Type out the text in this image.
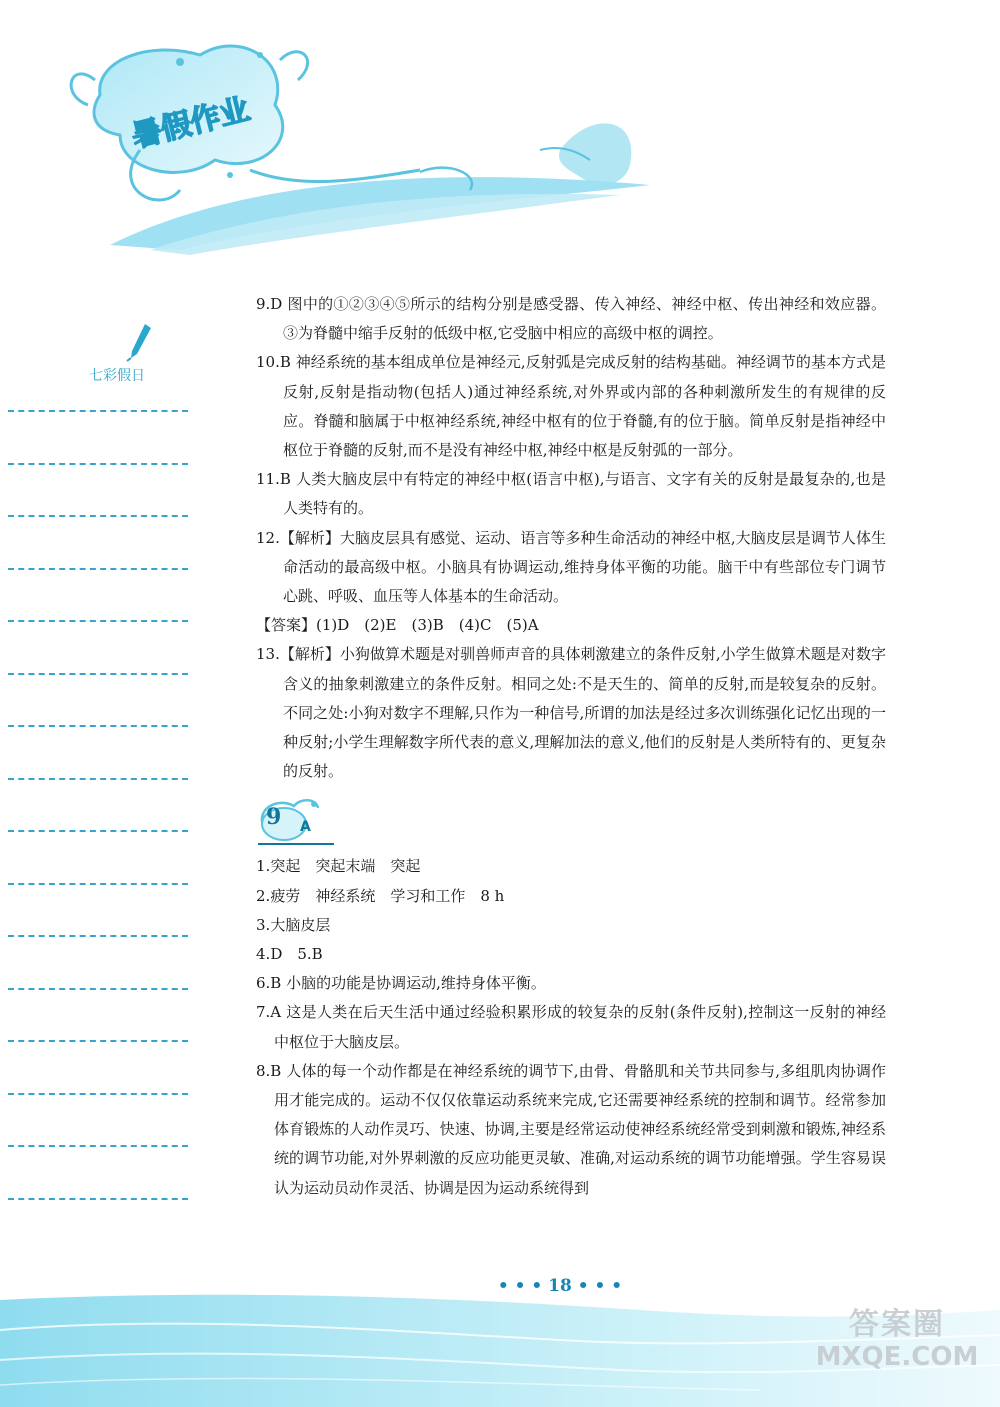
暑假作业
七彩假日
9.D 图中的①②③④⑤所示的结构分别是感受器、传入神经、神经中枢、传出神经和效应器。③为脊髓中缩手反射的低级中枢,它受脑中相应的高级中枢的调控。
10.B 神经系统的基本组成单位是神经元,反射弧是完成反射的结构基础。神经调节的基本方式是反射,反射是指动物(包括人)通过神经系统,对外界或内部的各种刺激所发生的有规律的反应。脊髓和脑属于中枢神经系统,神经中枢有的位于脊髓,有的位于脑。简单反射是指神经中枢位于脊髓的反射,而不是没有神经中枢,神经中枢是反射弧的一部分。
11.B 人类大脑皮层中有特定的神经中枢(语言中枢),与语言、文字有关的反射是最复杂的,也是人类特有的。
12.【解析】大脑皮层具有感觉、运动、语言等多种生命活动的神经中枢,大脑皮层是调节人体生命活动的最高级中枢。小脑具有协调运动,维持身体平衡的功能。脑干中有些部位专门调节心跳、呼吸、血压等人体基本的生命活动。
【答案】(1)D　(2)E　(3)B　(4)C　(5)A
13.【解析】小狗做算术题是对驯兽师声音的具体刺激建立的条件反射,小学生做算术题是对数字含义的抽象刺激建立的条件反射。相同之处:不是天生的、简单的反射,而是较复杂的反射。不同之处:小狗对数字不理解,只作为一种信号,所谓的加法是经过多次训练强化记忆出现的一种反射;小学生理解数字所代表的意义,理解加法的意义,他们的反射是人类所特有的、更复杂的反射。
9 A
1.突起　突起末端　突起
2.疲劳　神经系统　学习和工作　8 h
3.大脑皮层
4.D　5.B
6.B 小脑的功能是协调运动,维持身体平衡。
7.A 这是人类在后天生活中通过经验积累形成的较复杂的反射(条件反射),控制这一反射的神经中枢位于大脑皮层。
8.B 人体的每一个动作都是在神经系统的调节下,由骨、骨骼肌和关节共同参与,多组肌肉协调作用才能完成的。运动不仅仅依靠运动系统来完成,它还需要神经系统的控制和调节。经常参加体育锻炼的人动作灵巧、快速、协调,主要是经常运动使神经系统经常受到刺激和锻炼,神经系统的调节功能,对外界刺激的反应功能更灵敏、准确,对运动系统的调节功能增强。学生容易误认为运动员动作灵活、协调是因为运动系统得到
• • • 18 • • •
答案圈
MXQE.COM
